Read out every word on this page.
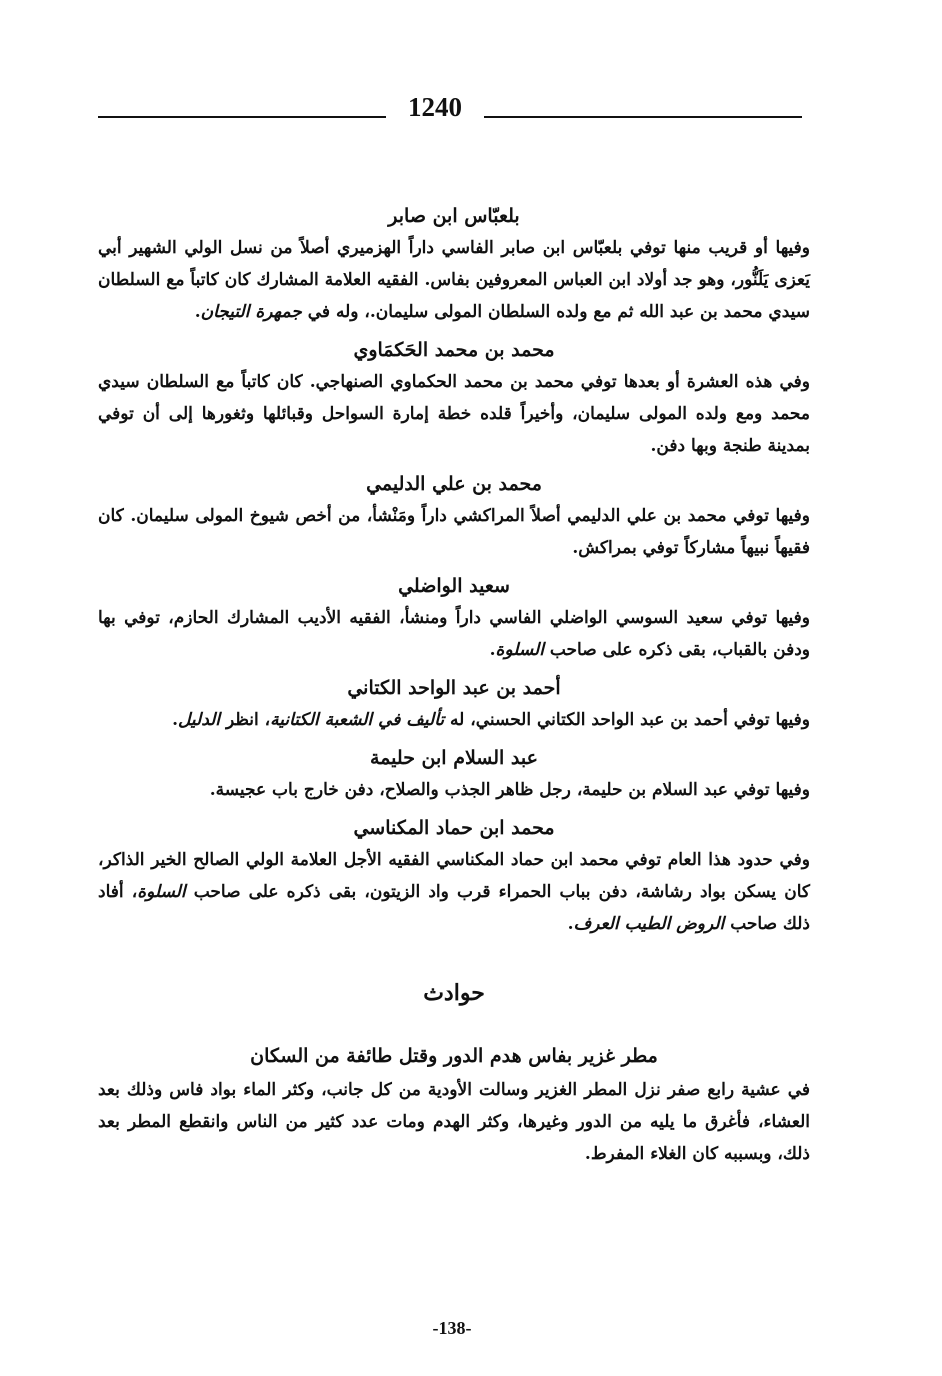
1240
بلعبّاس ابن صابر

وفيها أو قريب منها توفي بلعبّاس ابن صابر الفاسي داراً الهزميري أصلاً من نسل الولي الشهير أبي يَعزى يَلَنُّور، وهو جد أولاد ابن العباس المعروفين بفاس. الفقيه العلامة المشارك كان كاتباً مع السلطان سيدي محمد بن عبد الله ثم مع ولده السلطان المولى سليمان.، وله في جمهرة التيجان.

محمد بن محمد الحَكمَاوي

وفي هذه العشرة أو بعدها توفي محمد بن محمد الحكماوي الصنهاجي. كان كاتباً مع السلطان سيدي محمد ومع ولده المولى سليمان، وأخيراً قلده خطة إمارة السواحل وقبائلها وثغورها إلى أن توفي بمدينة طنجة وبها دفن.

محمد بن علي الدليمي

وفيها توفي محمد بن علي الدليمي أصلاً المراكشي داراً ومَنْشأ، من أخص شيوخ المولى سليمان. كان فقيهاً نبيهاً مشاركاً توفي بمراكش.

سعيد الواضلي

وفيها توفي سعيد السوسي الواضلي الفاسي داراً ومنشأ، الفقيه الأديب المشارك الحازم، توفي بها ودفن بالقباب، بقى ذكره على صاحب السلوة.

أحمد بن عبد الواحد الكتاني

وفيها توفي أحمد بن عبد الواحد الكتاني الحسني، له تأليف في الشعبة الكتانية، انظر الدليل.

عبد السلام ابن حليمة

وفيها توفي عبد السلام بن حليمة، رجل ظاهر الجذب والصلاح، دفن خارج باب عجيسة.

محمد ابن حماد المكناسي

وفي حدود هذا العام توفي محمد ابن حماد المكناسي الفقيه الأجل العلامة الولي الصالح الخير الذاكر، كان يسكن بواد رشاشة، دفن بباب الحمراء قرب واد الزيتون، بقى ذكره على صاحب السلوة، أفاد ذلك صاحب الروض الطيب العرف.

حوادث
مطر غزير بفاس هدم الدور وقتل طائفة من السكان

في عشية رابع صفر نزل المطر الغزير وسالت الأودية من كل جانب، وكثر الماء بواد فاس وذلك بعد العشاء، فأغرق ما يليه من الدور وغيرها، وكثر الهدم ومات عدد كثير من الناس وانقطع المطر بعد ذلك، وبسببه كان الغلاء المفرط.

-138-
